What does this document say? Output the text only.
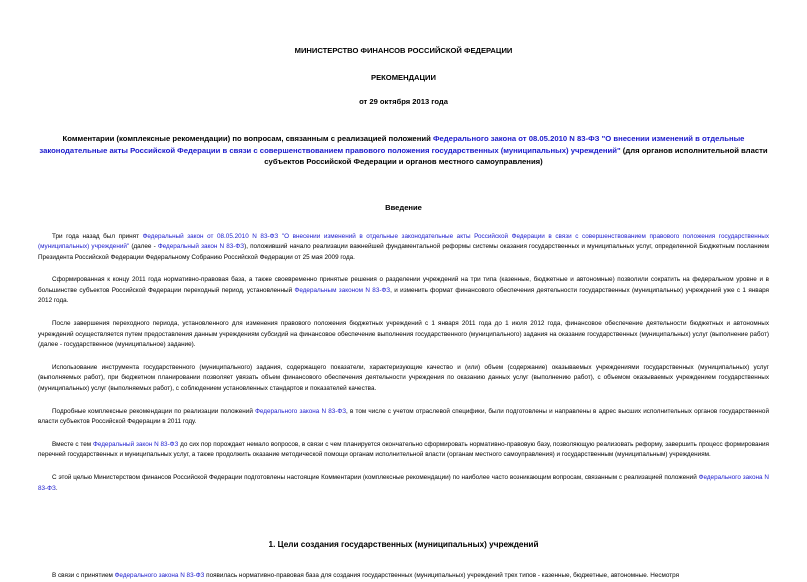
МИНИСТЕРСТВО ФИНАНСОВ РОССИЙСКОЙ ФЕДЕРАЦИИ
РЕКОМЕНДАЦИИ
от 29 октября 2013 года
Комментарии (комплексные рекомендации) по вопросам, связанным с реализацией положений Федерального закона от 08.05.2010 N 83-ФЗ "О внесении изменений в отдельные законодательные акты Российской Федерации в связи с совершенствованием правового положения государственных (муниципальных) учреждений" (для органов исполнительной власти субъектов Российской Федерации и органов местного самоуправления)
Введение

Три года назад был принят Федеральный закон от 08.05.2010 N 83-ФЗ "О внесении изменений в отдельные законодательные акты Российской Федерации в связи с совершенствованием правового положения государственных (муниципальных) учреждений" (далее - Федеральный закон N 83-ФЗ), положивший начало реализации важнейшей фундаментальной реформы системы оказания государственных и муниципальных услуг, определенной Бюджетным посланием Президента Российской Федерации Федеральному Собранию Российской Федерации от 25 мая 2009 года.

Сформированная к концу 2011 года нормативно-правовая база, а также своевременно принятые решения о разделении учреждений на три типа (казенные, бюджетные и автономные) позволили сократить на федеральном уровне и в большинстве субъектов Российской Федерации переходный период, установленный Федеральным законом N 83-ФЗ, и изменить формат финансового обеспечения деятельности государственных (муниципальных) учреждений уже с 1 января 2012 года.

После завершения переходного периода, установленного для изменения правового положения бюджетных учреждений с 1 января 2011 года до 1 июля 2012 года, финансовое обеспечение деятельности бюджетных и автономных учреждений осуществляется путем предоставления данным учреждениям субсидий на финансовое обеспечение выполнения государственного (муниципального) задания на оказание государственных (муниципальных) услуг (выполнение работ) (далее - государственное (муниципальное) задание).

Использование инструмента государственного (муниципального) задания, содержащего показатели, характеризующие качество и (или) объем (содержание) оказываемых учреждениями государственных (муниципальных) услуг (выполняемых работ), при бюджетном планировании позволяет увязать объем финансового обеспечения деятельности учреждения по оказанию данных услуг (выполнению работ), с объемом оказываемых учреждением государственных (муниципальных) услуг (выполняемых работ), с соблюдением установленных стандартов и показателей качества.

Подробные комплексные рекомендации по реализации положений Федерального закона N 83-ФЗ, в том числе с учетом отраслевой специфики, были подготовлены и направлены в адрес высших исполнительных органов государственной власти субъектов Российской Федерации в 2011 году.

Вместе с тем Федеральный закон N 83-ФЗ до сих пор порождает немало вопросов, в связи с чем планируется окончательно сформировать нормативно-правовую базу, позволяющую реализовать реформу, завершить процесс формирования перечней государственных и муниципальных услуг, а также продолжить оказание методической помощи органам исполнительной власти (органам местного самоуправления) и государственным (муниципальным) учреждениям.

С этой целью Министерством финансов Российской Федерации подготовлены настоящие Комментарии (комплексные рекомендации) по наиболее часто возникающим вопросам, связанным с реализацией положений Федерального закона N 83-ФЗ.

1. Цели создания государственных (муниципальных) учреждений

В связи с принятием Федерального закона N 83-ФЗ появилась нормативно-правовая база для создания государственных (муниципальных) учреждений трех типов - казенные, бюджетные, автономные. Несмотря
